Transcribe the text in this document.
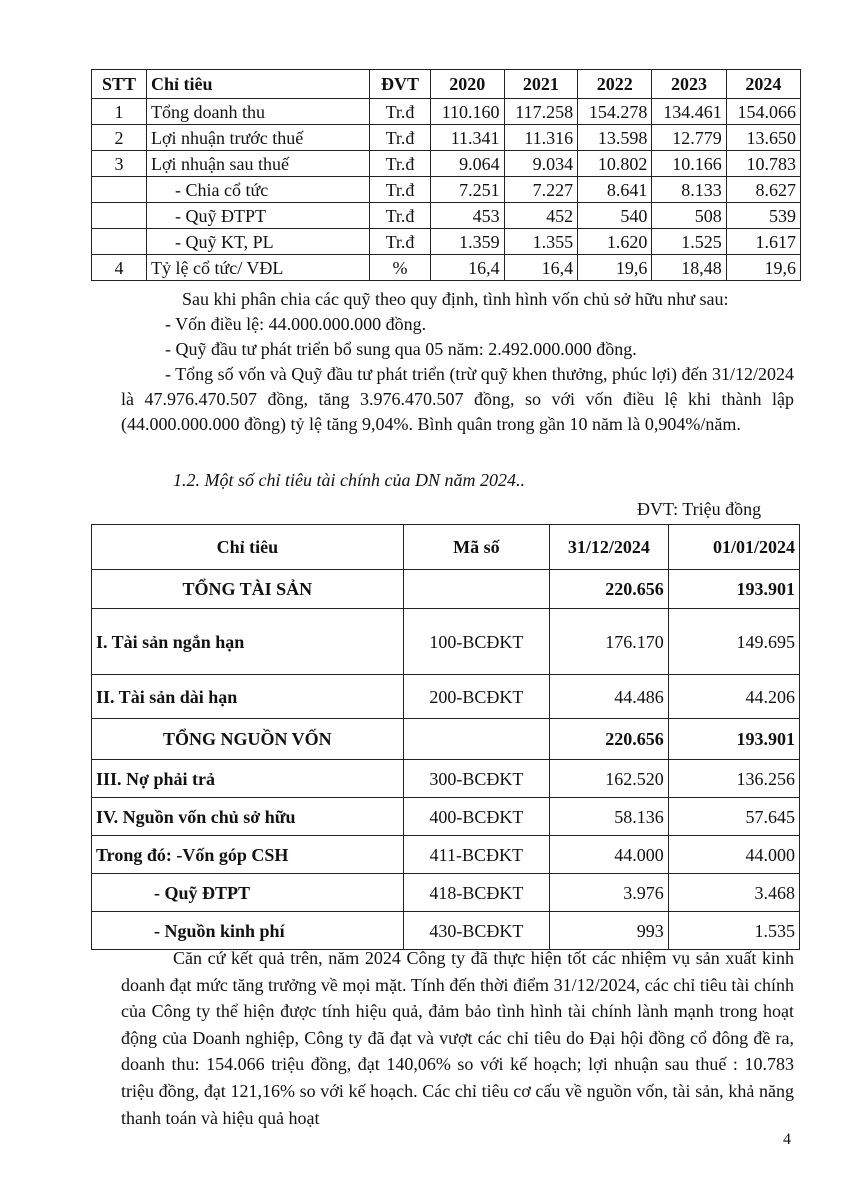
STT	Chỉ tiêu	ĐVT	2020	2021	2022	2023	2024
1	Tổng doanh thu	Tr.đ	110.160	117.258	154.278	134.461	154.066
2	Lợi nhuận trước thuế	Tr.đ	11.341	11.316	13.598	12.779	13.650
3	Lợi nhuận sau thuế	Tr.đ	9.064	9.034	10.802	10.166	10.783
	- Chia cổ tức	Tr.đ	7.251	7.227	8.641	8.133	8.627
	- Quỹ ĐTPT	Tr.đ	453	452	540	508	539
	- Quỹ KT, PL	Tr.đ	1.359	1.355	1.620	1.525	1.617
4	Tỷ lệ cổ tức/ VĐL	%	16,4	16,4	19,6	18,48	19,6
Sau khi phân chia các quỹ theo quy định, tình hình vốn chủ sở hữu như sau:
- Vốn điều lệ: 44.000.000.000 đồng.
- Quỹ đầu tư phát triển bổ sung qua 05 năm: 2.492.000.000 đồng.
- Tổng số vốn và Quỹ đầu tư phát triển (trừ quỹ khen thưởng, phúc lợi) đến 31/12/2024 là 47.976.470.507 đồng, tăng 3.976.470.507 đồng, so với vốn điều lệ khi thành lập (44.000.000.000 đồng) tỷ lệ tăng 9,04%. Bình quân trong gần 10 năm là 0,904%/năm.
1.2. Một số chỉ tiêu tài chính của DN năm 2024..
ĐVT: Triệu đồng
Chỉ tiêu	Mã số	31/12/2024	01/01/2024
TỔNG TÀI SẢN		220.656	193.901
I. Tài sản ngắn hạn	100-BCĐKT	176.170	149.695
II. Tài sản dài hạn	200-BCĐKT	44.486	44.206
TỔNG NGUỒN VỐN		220.656	193.901
III. Nợ phải trả	300-BCĐKT	162.520	136.256
IV. Nguồn vốn chủ sở hữu	400-BCĐKT	58.136	57.645
Trong đó: -Vốn góp CSH	411-BCĐKT	44.000	44.000
- Quỹ ĐTPT	418-BCĐKT	3.976	3.468
- Nguồn kinh phí	430-BCĐKT	993	1.535
Căn cứ kết quả trên, năm 2024 Công ty đã thực hiện tốt các nhiệm vụ sản xuất kinh doanh đạt mức tăng trưởng về mọi mặt. Tính đến thời điểm 31/12/2024, các chỉ tiêu tài chính của Công ty thể hiện được tính hiệu quả, đảm bảo tình hình tài chính lành mạnh trong hoạt động của Doanh nghiệp, Công ty đã đạt và vượt các chỉ tiêu do Đại hội đồng cổ đông đề ra, doanh thu: 154.066 triệu đồng, đạt 140,06% so với kế hoạch; lợi nhuận sau thuế : 10.783 triệu đồng, đạt 121,16% so với kế hoạch. Các chỉ tiêu cơ cấu về nguồn vốn, tài sản, khả năng thanh toán và hiệu quả hoạt
4
